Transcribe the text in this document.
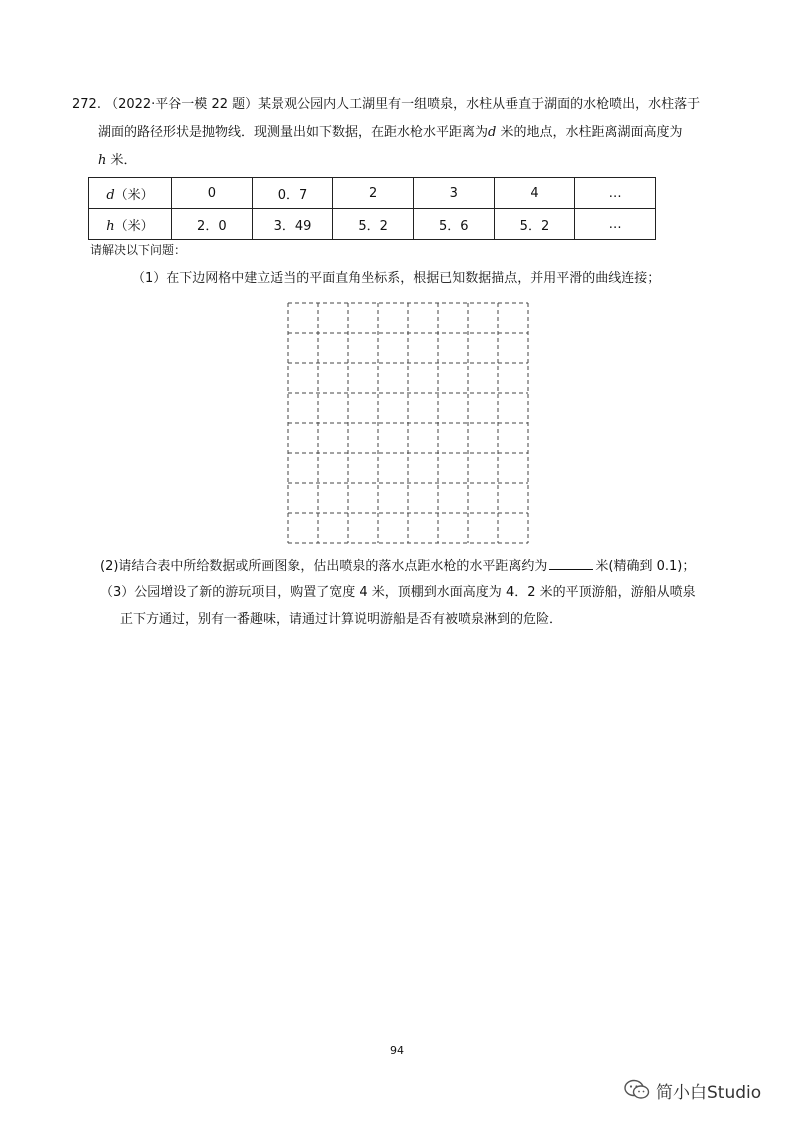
272. （2022·平谷一模 22 题）某景观公园内人工湖里有一组喷泉，水柱从垂直于湖面的水枪喷出，水柱落于
湖面的路径形状是抛物线．现测量出如下数据，在距水枪水平距离为d 米的地点，水柱距离湖面高度为
h 米．
d（米）	0	0．7	2	3	4	…
h（米）	2．0	3．49	5．2	5．6	5．2	…
请解决以下问题：
（1）在下边网格中建立适当的平面直角坐标系，根据已知数据描点，并用平滑的曲线连接；
(2)请结合表中所给数据或所画图象，估出喷泉的落水点距水枪的水平距离约为	米(精确到 0.1)；
（3）公园增设了新的游玩项目，购置了宽度 4 米，顶棚到水面高度为 4．2 米的平顶游船，游船从喷泉
正下方通过，别有一番趣味，请通过计算说明游船是否有被喷泉淋到的危险．
94
简小白Studio
